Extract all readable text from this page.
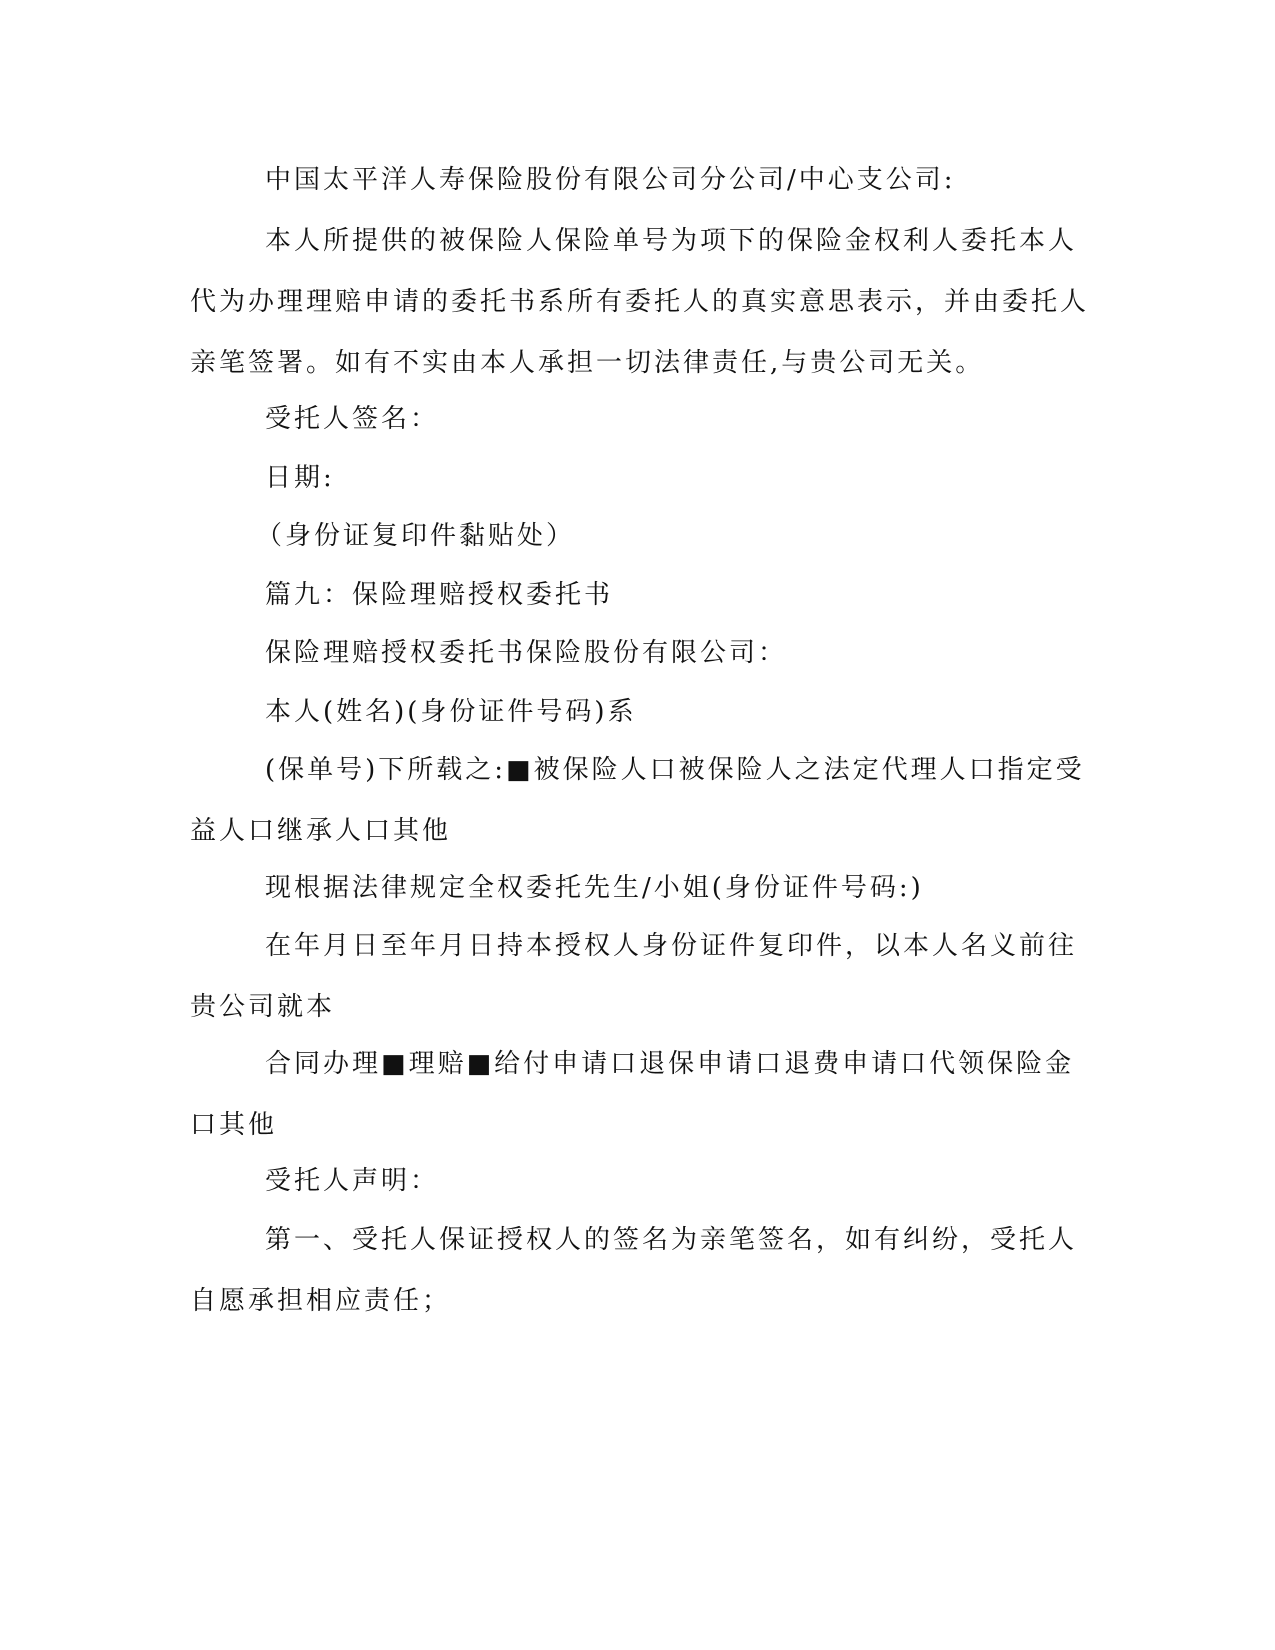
中国太平洋人寿保险股份有限公司分公司/中心支公司:

本人所提供的被保险人保险单号为项下的保险金权利人委托本人代为办理理赔申请的委托书系所有委托人的真实意思表示，并由委托人亲笔签署。如有不实由本人承担一切法律责任,与贵公司无关。

受托人签名：

日期:

（身份证复印件黏贴处）

篇九：保险理赔授权委托书

保险理赔授权委托书保险股份有限公司：

本人(姓名)(身份证件号码)系

(保单号)下所载之:■被保险人口被保险人之法定代理人口指定受益人口继承人口其他

现根据法律规定全权委托先生/小姐(身份证件号码:)

在年月日至年月日持本授权人身份证件复印件，以本人名义前往贵公司就本

合同办理■理赔■给付申请口退保申请口退费申请口代领保险金口其他

受托人声明：

第一、受托人保证授权人的签名为亲笔签名，如有纠纷，受托人自愿承担相应责任；
